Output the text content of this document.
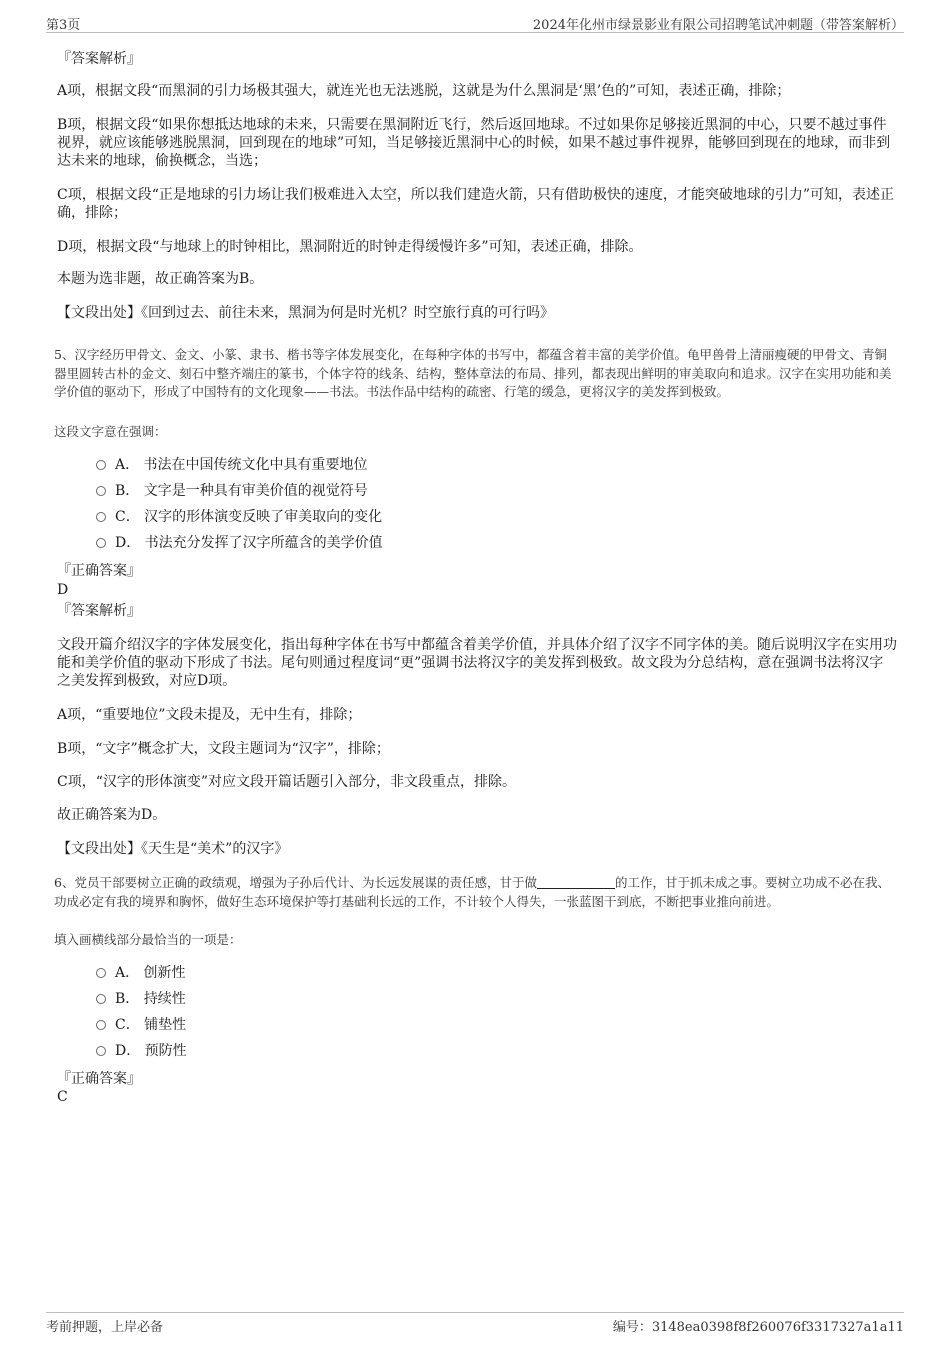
第3页	2024年化州市绿景影业有限公司招聘笔试冲刺题（带答案解析）
『答案解析』
A项，根据文段“而黑洞的引力场极其强大，就连光也无法逃脱，这就是为什么黑洞是‘黑’色的”可知，表述正确，排除；
B项，根据文段“如果你想抵达地球的未来，只需要在黑洞附近飞行，然后返回地球。不过如果你足够接近黑洞的中心，只要不越过事件视界，就应该能够逃脱黑洞，回到现在的地球”可知，当足够接近黑洞中心的时候，如果不越过事件视界，能够回到现在的地球，而非到达未来的地球，偷换概念，当选；
C项，根据文段“正是地球的引力场让我们极难进入太空，所以我们建造火箭，只有借助极快的速度，才能突破地球的引力”可知，表述正确，排除；
D项，根据文段“与地球上的时钟相比，黑洞附近的时钟走得缓慢许多”可知，表述正确，排除。
本题为选非题，故正确答案为B。
【文段出处】《回到过去、前往未来，黑洞为何是时光机？时空旅行真的可行吗》
5、汉字经历甲骨文、金文、小篆、隶书、楷书等字体发展变化，在每种字体的书写中，都蕴含着丰富的美学价值。龟甲兽骨上清丽瘦硬的甲骨文、青铜器里圆转古朴的金文、刻石中整齐端庄的篆书，个体字符的线条、结构，整体章法的布局、排列，都表现出鲜明的审美取向和追求。汉字在实用功能和美学价值的驱动下，形成了中国特有的文化现象——书法。书法作品中结构的疏密、行笔的缓急，更将汉字的美发挥到极致。
这段文字意在强调：
A． 书法在中国传统文化中具有重要地位
B． 文字是一种具有审美价值的视觉符号
C． 汉字的形体演变反映了审美取向的变化
D． 书法充分发挥了汉字所蕴含的美学价值
『正确答案』
D
『答案解析』
文段开篇介绍汉字的字体发展变化，指出每种字体在书写中都蕴含着美学价值，并具体介绍了汉字不同字体的美。随后说明汉字在实用功能和美学价值的驱动下形成了书法。尾句则通过程度词“更”强调书法将汉字的美发挥到极致。故文段为分总结构，意在强调书法将汉字之美发挥到极致，对应D项。
A项，“重要地位”文段未提及，无中生有，排除；
B项，“文字”概念扩大，文段主题词为“汉字”，排除；
C项，“汉字的形体演变”对应文段开篇话题引入部分，非文段重点，排除。
故正确答案为D。
【文段出处】《天生是“美术”的汉字》
6、党员干部要树立正确的政绩观，增强为子孙后代计、为长远发展谋的责任感，甘于做	的工作，甘于抓未成之事。要树立功成不必在我、功成必定有我的境界和胸怀，做好生态环境保护等打基础利长远的工作，不计较个人得失，一张蓝图干到底，不断把事业推向前进。
填入画横线部分最恰当的一项是：
A． 创新性
B． 持续性
C． 铺垫性
D． 预防性
『正确答案』
C
考前押题，上岸必备	编号：3148ea0398f8f260076f3317327a1a11
